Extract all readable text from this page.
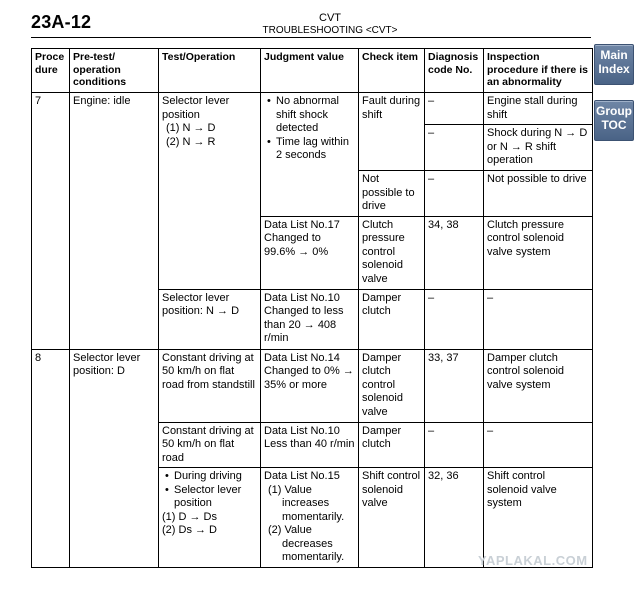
23A-12	CVT
TROUBLESHOOTING <CVT>
Main
Index
Group
TOC
Proce
dure	Pre-test/
operation
conditions	Test/Operation	Judgment value	Check item	Diagnosis
code No.	Inspection
procedure if there is
an abnormality
7	Engine: idle	Selector lever position
(1) N → D
(2) N → R	• No abnormal shift shock detected
• Time lag within 2 seconds	Fault during shift	–	Engine stall during shift
					–	Shock during N → D or N → R shift operation
				Not possible to drive	–	Not possible to drive
			Data List No.17 Changed to 99.6% → 0%	Clutch pressure control solenoid valve	34, 38	Clutch pressure control solenoid valve system
		Selector lever position: N → D	Data List No.10 Changed to less than 20 → 408 r/min	Damper clutch	–	–
8	Selector lever position: D	Constant driving at 50 km/h on flat road from standstill	Data List No.14 Changed to 0% → 35% or more	Damper clutch control solenoid valve	33, 37	Damper clutch control solenoid valve system
		Constant driving at 50 km/h on flat road	Data List No.10 Less than 40 r/min	Damper clutch	–	–

		• During driving
• Selector lever position
(1) D → Ds
(2) Ds → D	Data List No.15
(1) Value increases momentarily.
(2) Value decreases momentarily.	Shift control solenoid valve	32, 36	Shift control solenoid valve system
YAPLAKAL.COM
